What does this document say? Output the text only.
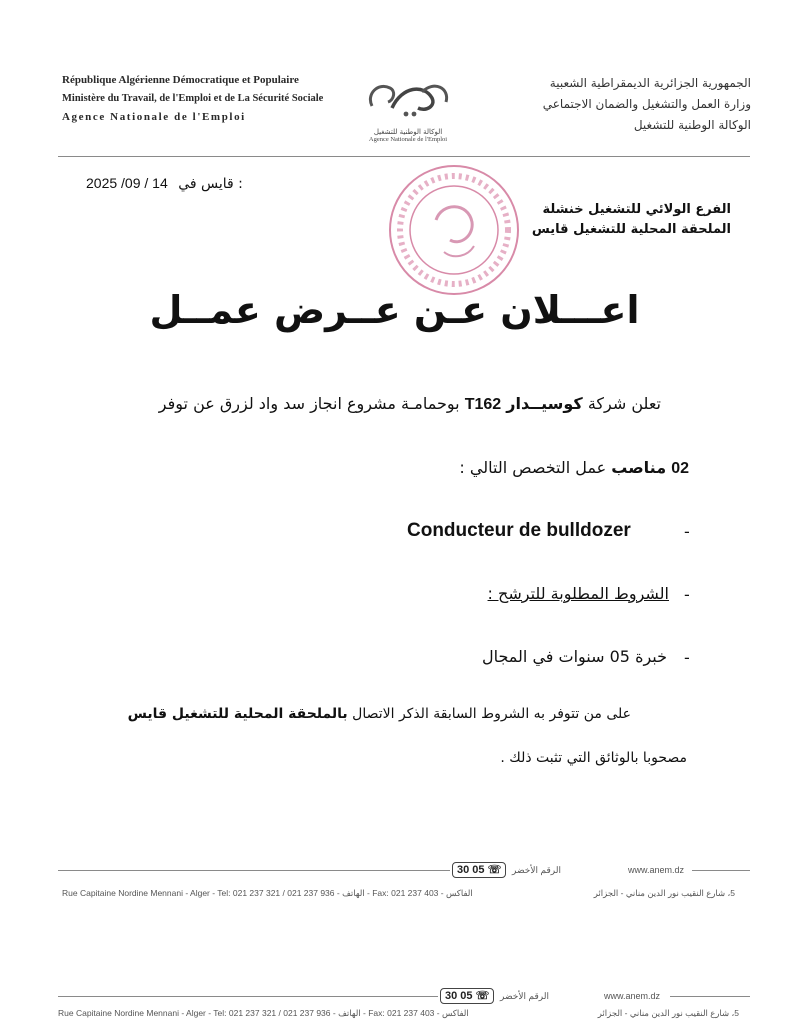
République Algérienne Démocratique et Populaire
Ministère du Travail, de l'Emploi et de La Sécurité Sociale
Agence Nationale de l'Emploi
الوكالة الوطنية للتشغيل
Agence Nationale de l'Emploi
الجمهورية الجزائرية الديمقراطية الشعبية
وزارة العمل والتشغيل والضمان الاجتماعي
الوكالة الوطنية للتشغيل
2025 /09 / 14 قايس في :
الفرع الولائي للتشغيل خنشلة
الملحقة المحلية للتشغيل قايس
اعـــلان عـن عــرض عمــل
تعلن شركة كوسيــدار T162 بوحمامـة مشروع انجاز سد واد لزرق عن توفر
02 مناصب عمل التخصص التالي :
Conducteur de bulldozer	-
الشروط المطلوبة للترشح : -
خبرة 05 سنوات في المجال -
على من تتوفر به الشروط السابقة الذكر الاتصال بالملحقة المحلية للتشغيل قايس
مصحوبا بالوثائق التي تثبت ذلك .
30 05 ☏	الرقم الأخضر	www.anem.dz
Rue Capitaine Nordine Mennani - Alger - Tel: 021 237 321 / 021 237 936 - الهاتف - Fax: 021 237 403 - الفاكس	5، شارع النقيب نور الدين مناني - الجزائر
30 05 ☏	الرقم الأخضر	www.anem.dz
Rue Capitaine Nordine Mennani - Alger - Tel: 021 237 321 / 021 237 936 - الهاتف - Fax: 021 237 403 - الفاكس	5، شارع النقيب نور الدين مناني - الجزائر
